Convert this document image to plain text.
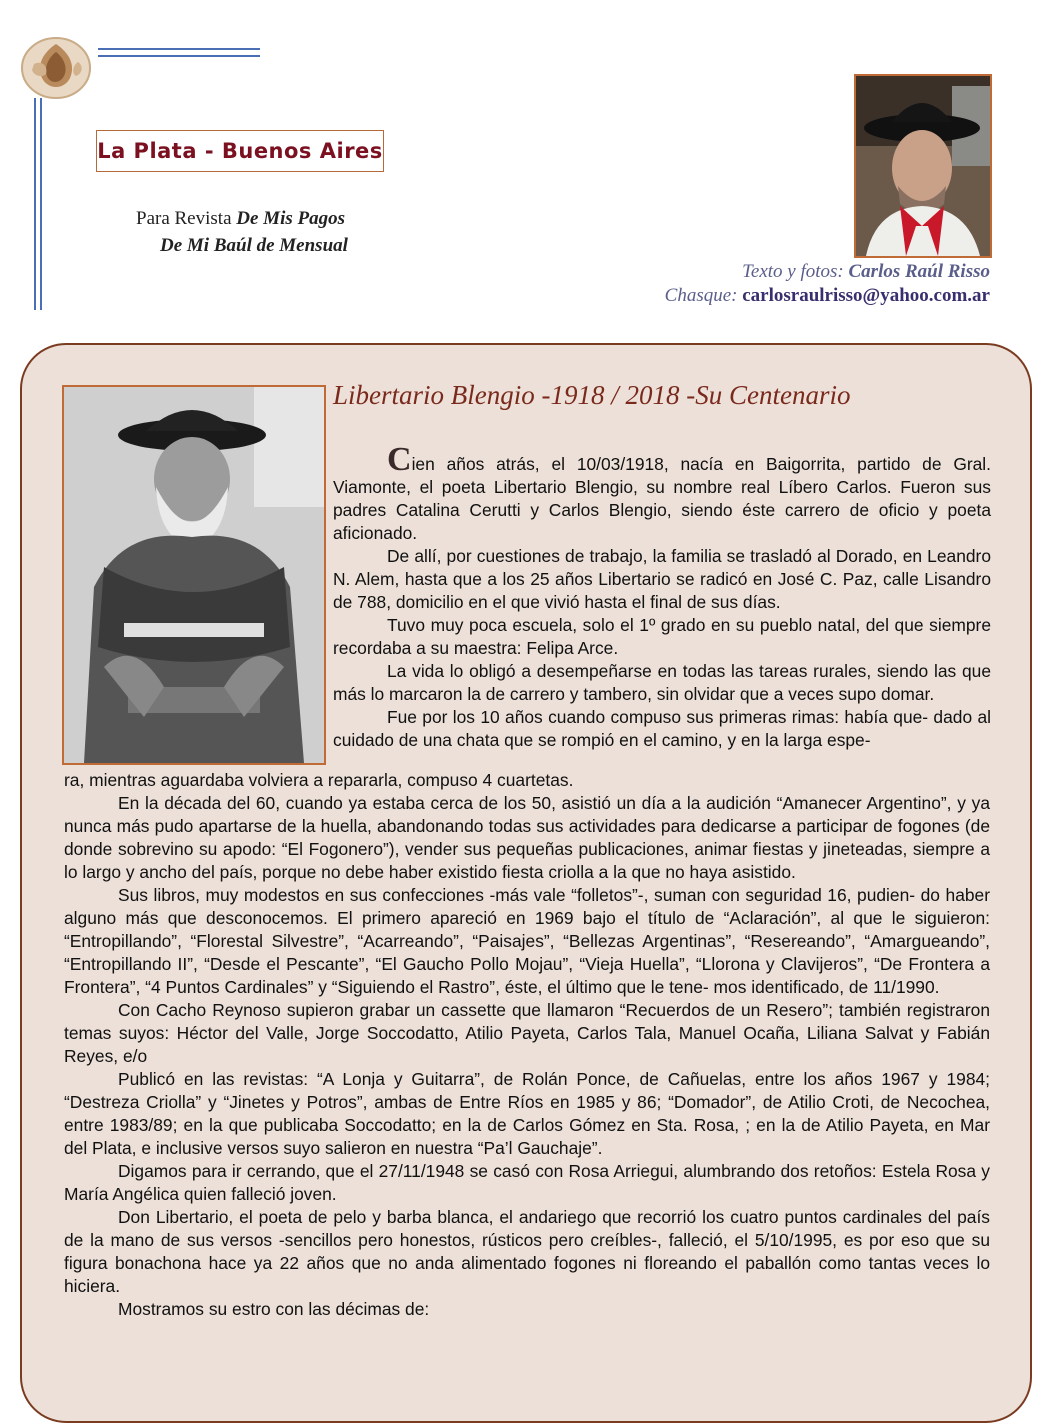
La Plata - Buenos Aires
Para Revista De Mis Pagos
De Mi Baúl de Mensual
Texto y fotos: Carlos Raúl Risso
Chasque: carlosraulrisso@yahoo.com.ar
Libertario Blengio -1918 / 2018 -Su Centenario

Cien años atrás, el 10/03/1918, nacía en Baigorrita, partido de Gral. Viamonte, el poeta Libertario Blengio, su nombre real Líbero Carlos. Fueron sus padres Catalina Cerutti y Carlos Blengio, siendo éste carrero de oficio y poeta aficionado.

De allí, por cuestiones de trabajo, la familia se trasladó al Dorado, en Leandro N. Alem, hasta que a los 25 años Libertario se radicó en José C. Paz, calle Lisandro de 788, domicilio en el que vivió hasta el final de sus días.

Tuvo muy poca escuela, solo el 1º grado en su pueblo natal, del que siempre recordaba a su maestra: Felipa Arce.

La vida lo obligó a desempeñarse en todas las tareas rurales, siendo las que más lo marcaron la de carrero y tambero, sin olvidar que a veces supo domar.

Fue por los 10 años cuando compuso sus primeras rimas: había que- dado al cuidado de una chata que se rompió en el camino, y en la larga espe-

ra, mientras aguardaba volviera a repararla, compuso 4 cuartetas.

En la década del 60, cuando ya estaba cerca de los 50, asistió un día a la audición “Amanecer Argentino”, y ya nunca más pudo apartarse de la huella, abandonando todas sus actividades para dedicarse a participar de fogones (de donde sobrevino su apodo: “El Fogonero”), vender sus pequeñas publicaciones, animar fiestas y jineteadas, siempre a lo largo y ancho del país, porque no debe haber existido fiesta criolla a la que no haya asistido.

Sus libros, muy modestos en sus confecciones -más vale “folletos”-, suman con seguridad 16, pudien- do haber alguno más que desconocemos. El primero apareció en 1969 bajo el título de “Aclaración”, al que le siguieron: “Entropillando”, “Florestal Silvestre”, “Acarreando”, “Paisajes”, “Bellezas Argentinas”, “Resereando”, “Amargueando”, “Entropillando II”, “Desde el Pescante”, “El Gaucho Pollo Mojau”, “Vieja Huella”, “Llorona y Clavijeros”, “De Frontera a Frontera”, “4 Puntos Cardinales” y “Siguiendo el Rastro”, éste, el último que le tene- mos identificado, de 11/1990.

Con Cacho Reynoso supieron grabar un cassette que llamaron “Recuerdos de un Resero”; también registraron temas suyos: Héctor del Valle, Jorge Soccodatto, Atilio Payeta, Carlos Tala, Manuel Ocaña, Liliana Salvat y Fabián Reyes, e/o

Publicó en las revistas: “A Lonja y Guitarra”, de Rolán Ponce, de Cañuelas, entre los años 1967 y 1984; “Destreza Criolla” y “Jinetes y Potros”, ambas de Entre Ríos en 1985 y 86; “Domador”, de Atilio Croti, de Necochea, entre 1983/89; en la que publicaba Soccodatto; en la de Carlos Gómez en Sta. Rosa, ; en la de Atilio Payeta, en Mar del Plata, e inclusive versos suyo salieron en nuestra “Pa’l Gauchaje”.

Digamos para ir cerrando, que el 27/11/1948 se casó con Rosa Arriegui, alumbrando dos retoños: Estela Rosa y María Angélica quien falleció joven.

Don Libertario, el poeta de pelo y barba blanca, el andariego que recorrió los cuatro puntos cardinales del país de la mano de sus versos -sencillos pero honestos, rústicos pero creíbles-, falleció, el 5/10/1995, es por eso que su figura bonachona hace ya 22 años que no anda alimentado fogones ni floreando el paballón como tantas veces lo hiciera.

Mostramos su estro con las décimas de:
